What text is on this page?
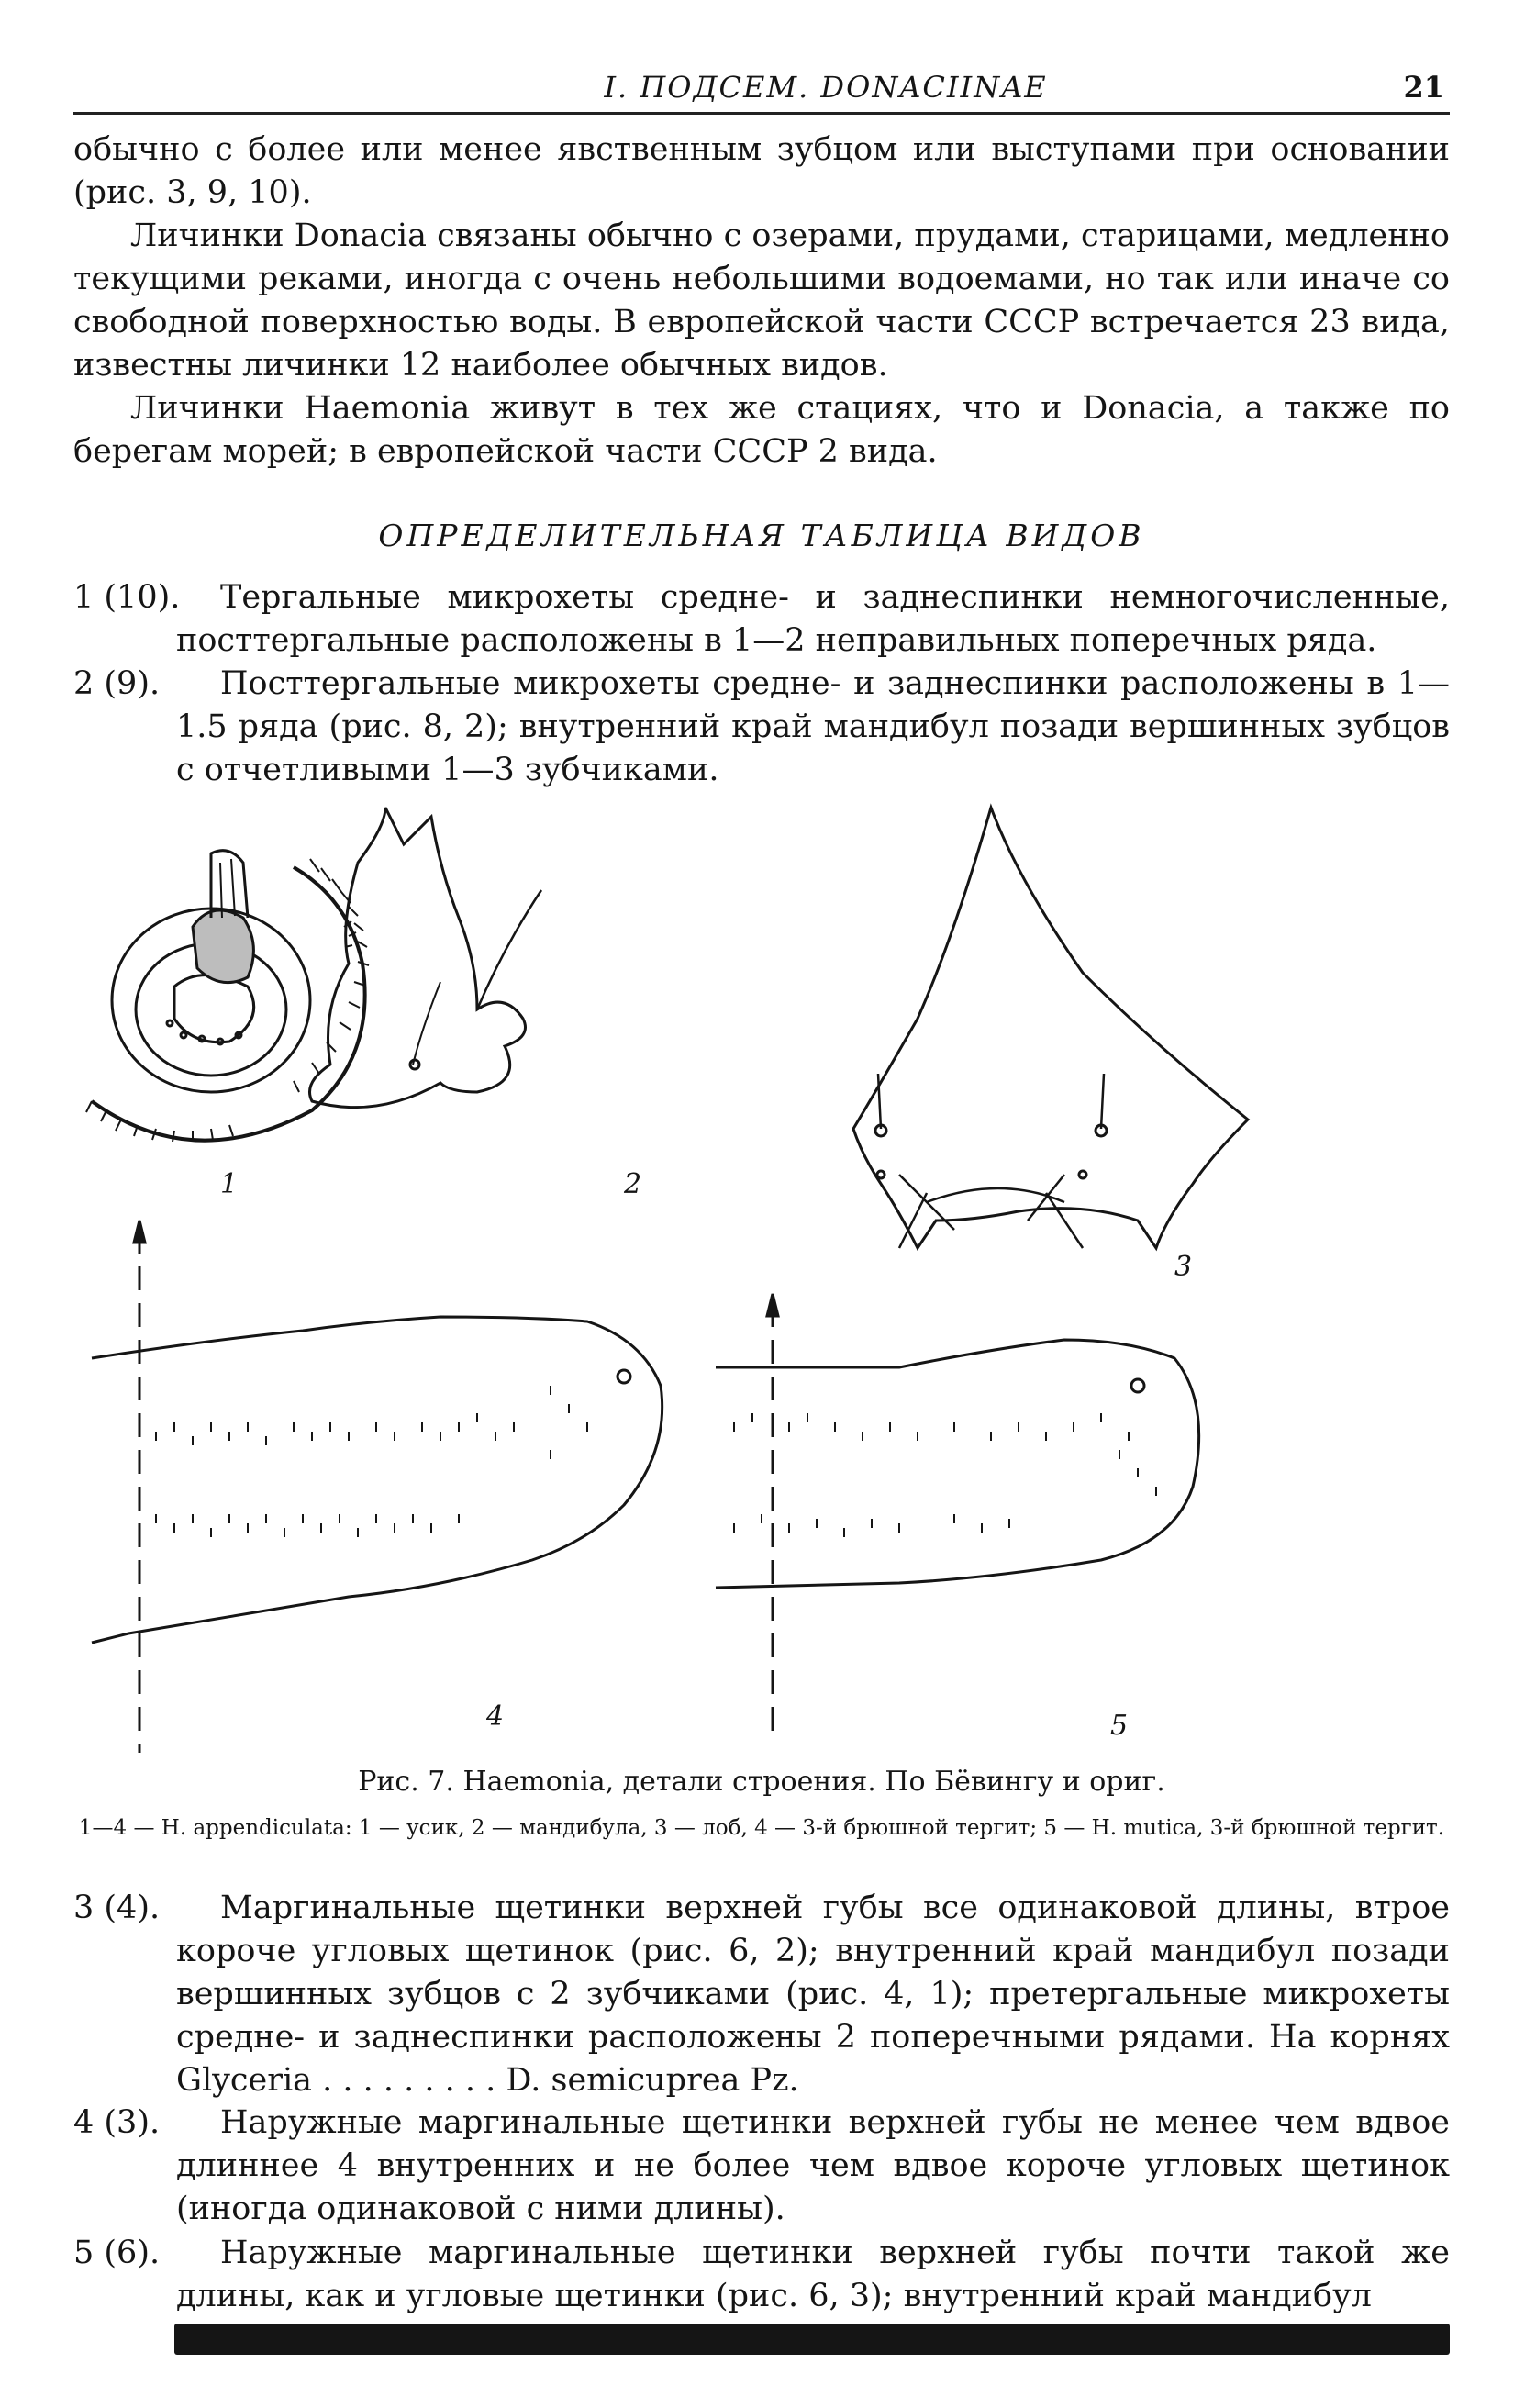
I. ПОДСЕМ. DONACIINAE	21

обычно с более или менее явственным зубцом или выступами при основании (рис. 3, 9, 10).

Личинки Donacia связаны обычно с озерами, прудами, старицами, медленно текущими реками, иногда с очень небольшими водоемами, но так или иначе со свободной поверхностью воды. В европейской части СССР встречается 23 вида, известны личинки 12 наиболее обычных видов.

Личинки Haemonia живут в тех же стациях, что и Donacia, а также по берегам морей; в европейской части СССР 2 вида.

ОПРЕДЕЛИТЕЛЬНАЯ ТАБЛИЦА ВИДОВ
1 (10).	Тергальные микрохеты средне- и заднеспинки немногочисленные, посттергальные расположены в 1—2 неправильных поперечных ряда.

2 (9).	Посттергальные микрохеты средне- и заднеспинки расположены в 1—1.5 ряда (рис. 8, 2); внутренний край мандибул позади вершинных зубцов с отчетливыми 1—3 зубчиками.

1	2
3
4	5
Рис. 7. Haemonia, детали строения. По Бёвингу и ориг.
1—4 — H. appendiculata: 1 — усик, 2 — мандибула, 3 — лоб, 4 — 3-й брюшной тергит; 5 — H. mutica, 3-й брюшной тергит.
3 (4).	Маргинальные щетинки верхней губы все одинаковой длины, втрое короче угловых щетинок (рис. 6, 2); внутренний край мандибул позади вершинных зубцов с 2 зубчиками (рис. 4, 1); претергальные микрохеты средне- и заднеспинки расположены 2 поперечными рядами. На корнях Glyceria . . . . . . . . . D. semicuprea Pz.

4 (3).	Наружные маргинальные щетинки верхней губы не менее чем вдвое длиннее 4 внутренних и не более чем вдвое короче угловых щетинок (иногда одинаковой с ними длины).

5 (6).	Наружные маргинальные щетинки верхней губы почти такой же длины, как и угловые щетинки (рис. 6, 3); внутренний край мандибул
